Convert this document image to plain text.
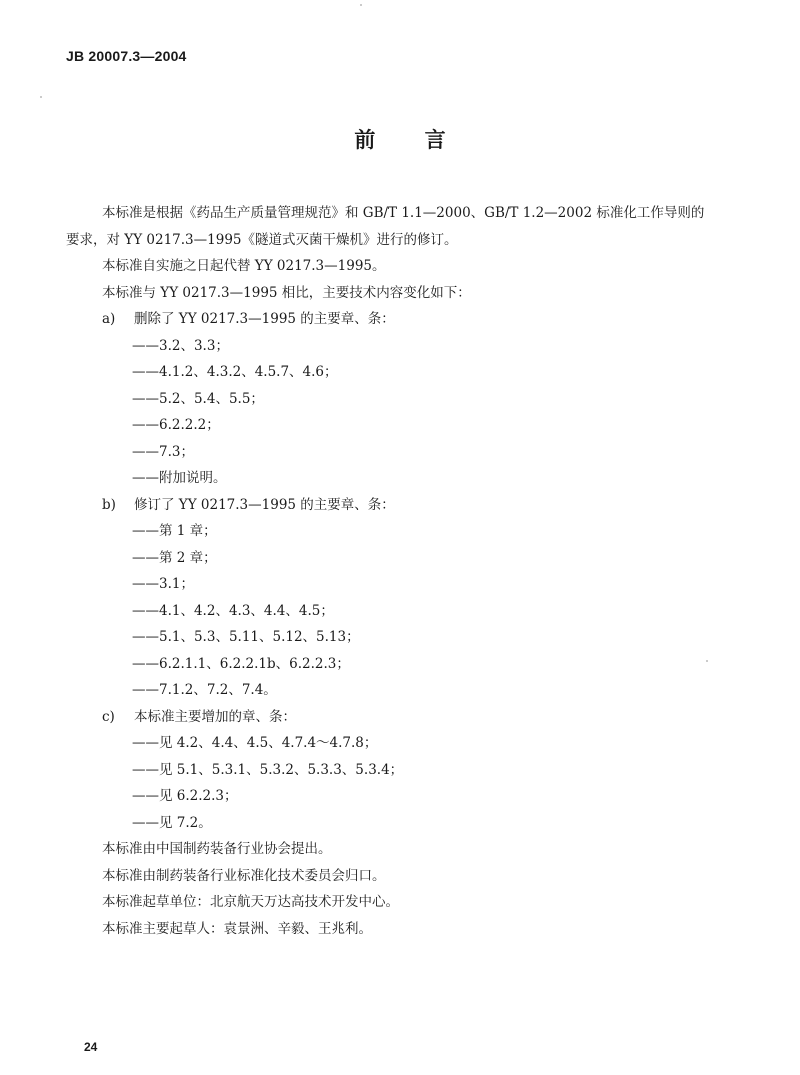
JB 20007.3—2004
前 言
本标准是根据《药品生产质量管理规范》和 GB/T 1.1—2000、GB/T 1.2—2002 标准化工作导则的
要求，对 YY 0217.3—1995《隧道式灭菌干燥机》进行的修订。
本标准自实施之日起代替 YY 0217.3—1995。
本标准与 YY 0217.3—1995 相比，主要技术内容变化如下：
a) 删除了 YY 0217.3—1995 的主要章、条：
——3.2、3.3；
——4.1.2、4.3.2、4.5.7、4.6；
——5.2、5.4、5.5；
——6.2.2.2；
——7.3；
——附加说明。
b) 修订了 YY 0217.3—1995 的主要章、条：
——第 1 章；
——第 2 章；
——3.1；
——4.1、4.2、4.3、4.4、4.5；
——5.1、5.3、5.11、5.12、5.13；
——6.2.1.1、6.2.2.1b、6.2.2.3；
——7.1.2、7.2、7.4。
c) 本标准主要增加的章、条：
——见 4.2、4.4、4.5、4.7.4～4.7.8；
——见 5.1、5.3.1、5.3.2、5.3.3、5.3.4；
——见 6.2.2.3；
——见 7.2。
本标准由中国制药装备行业协会提出。
本标准由制药装备行业标准化技术委员会归口。
本标准起草单位：北京航天万达高技术开发中心。
本标准主要起草人：袁景洲、辛毅、王兆利。
24
